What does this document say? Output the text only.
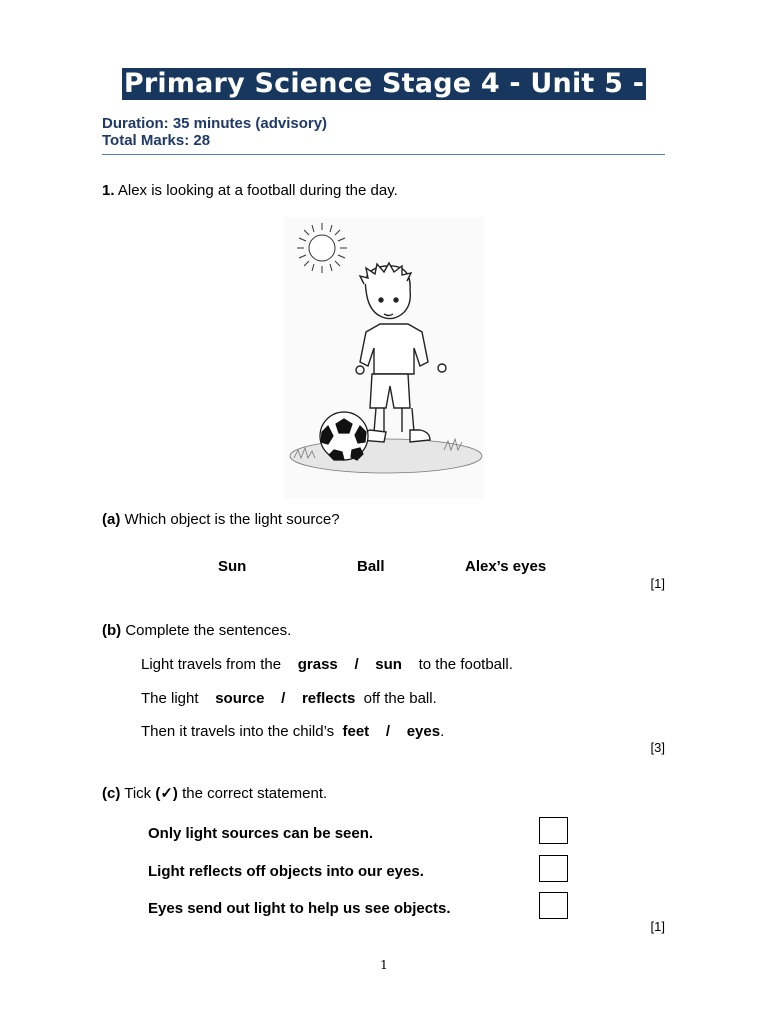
Primary Science Stage 4 - Unit 5 -
Duration: 35 minutes (advisory)
Total Marks: 28
1. Alex is looking at a football during the day.
(a) Which object is the light source?
Sun	Ball	Alex’s eyes
[1]
(b) Complete the sentences.
Light travels from the grass / sun to the football.
The light source / reflects off the ball.
Then it travels into the child’s feet / eyes.
[3]
(c) Tick (✓) the correct statement.
Only light sources can be seen.
Light reflects off objects into our eyes.
Eyes send out light to help us see objects.
[1]
1
